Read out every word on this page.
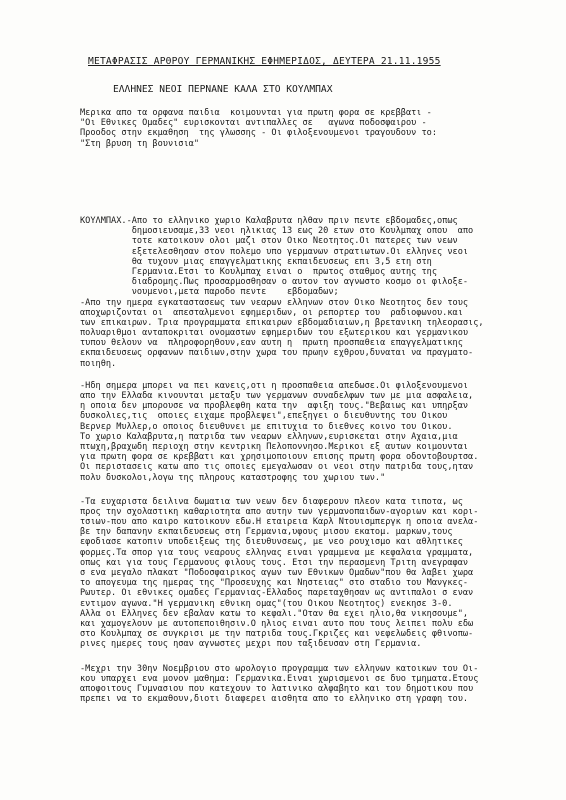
ΜΕΤΑΦΡΑΣΙΣ ΑΡΘΡΟΥ ΓΕΡΜΑΝΙΚΗΣ ΕΦΗΜΕΡΙΔΟΣ, ΔΕΥΤΕΡΑ 21.11.1955
ΕΛΛΗΝΕΣ ΝΕΟΙ ΠΕΡΝΑΝΕ ΚΑΛΑ ΣΤΟ ΚΟΥΛΜΠΑΧ
Μερικα απο τα ορφανα παιδια  κοιμουνται για πρωτη φορα σε κρεββατι -
"Οι Εθνικες Ομαδες" ευρισκονται αντιπαλλες σε   αγωνα ποδοσφαιρου -
Προοδος στην εκμαθηση  της γλωσσης - Οι φιλοξενουμενοι τραγουδουν το:
"Στη βρυση τη βουνισια"
ΚΟΥΛΜΠΑΧ.-Απο το ελληνικο χωριο Καλαβρυτα ηλθαν πριν πεντε εβδομαδες,οπως
δημοσιευσαμε,33 νεοι ηλικιας 13 εως 20 ετων στο Κουλμπαχ οπου  απο
τοτε κατοικουν ολοι μαζι στον Οικο Νεοτητος.Οι πατερες των νεων
εξετελεσθησαν στον πολεμο υπο γερμανων στρατιωτων.Οι ελληνες νεοι
θα τυχουν μιας επαγγελματικης εκπαιδευσεως επι 3,5 ετη στη
Γερμανια.Ετσι το Κουλμπαχ ειναι ο  πρωτος σταθμος αυτης της
διαδρομης.Πως προσαρμοσθησαν ο αυτον τον αγνωστο κοσμο οι φιλοξε-
νουμενοι,μετα παροδο πεντε    εβδομαδων;
-Απο την ημερα εγκαταστασεως των νεαρων ελληνων στον Οικο Νεοτητος δεν τους
αποχωριζονται οι  απεσταλμενοι εφημεριδων, οι ρεπορτερ του  ραδιοφωνου.και
των επικαιρων. Τρια προγραμματα επικαιρων εβδομαδιαιων,η βρετανικη τηλεορασις,
πολυαριθμοι ανταποκριται ονομαστων εφημεριδων του εξωτερικου και γερμανικου
τυπου θελουν να  πληροφορηθουν,εαν αυτη η  πρωτη προσπαθεια επαγγελματικης
εκπαιδευσεως ορφανων παιδιων,στην χωρα του πρωην εχθρου,δυναται να πραγματο-
ποιηθη.
-Ηδη σημερα μπορει να πει κανεις,οτι η προσπαθεια απεδωσε.Οι φιλοξενουμενοι
απο την Ελλαδα κινουνται μεταξυ των γερμανων συναδελφων των με μια ασφαλεια,
η οποια δεν μπορουσε να προβλεφθη κατα την  αφιξη τους."Βεβαιως και υπηρξαν
δυσκολιες,τις  οποιες ειχαμε προβλεψει",επεξηγει ο διευθυντης του Οικου
Βερνερ Μυλλερ,ο οποιος διευθυνει με επιτυχια το διεθνες κοινο του Οικου.
Το χωριο Καλαβρυτα,η πατριδα των νεαρων ελληνων,ευρισκεται στην Αχαια,μια
πτωχη,βραχωδη περιοχη στην κεντρικη Πελοποννησο.Μερικοι εξ αυτων κοιμουνται
για πρωτη φορα σε κρεββατι και χρησιμοποιουν επισης πρωτη φορα οδοντοβουρτσα.
Οι περιστασεις κατω απο τις οποιες εμεγαλωσαν οι νεοι στην πατριδα τους,ηταν
πολυ δυσκολοι,λογω της πληρους καταστροφης του χωριου των."
-Τα ευχαριστα δειλινα δωματια των νεων δεν διαφερουν πλεον κατα τιποτα, ως
προς την σχολαστικη καθαριοτητα απο αυτην των γερμανοπαιδων-αγοριων και κορι-
τσιων-που απο καιρο κατοικουν εδω.Η εταιρεια Καρλ Ντουισμπεργκ η οποια ανελα-
βε την δαπανην εκπαιδευσεως στη Γερμανια,υφους μισου εκατομ. μαρκων,τους
εφοδιασε κατοπιν υποδειξεως της διευθυνσεως, με νεο ρουχισμο και αθλητικες
φορμες.Τα σπορ για τους νεαρους ελληνας ειναι γραμμενα με κεφαλαια γραμματα,
οπως και για τους Γερμανους φιλους τους. Ετσι την περασμενη Τριτη ανεγραφαν
σ ενα μεγαλο πλακατ "Ποδοσφαιρικος αγων των Εθνικων Ομαδων"που θα λαβει χωρα
το απογευμα της ημερας της "Προσευχης και Νηστειας" στο σταδιο του Μανγκες-
Ρωυτερ. Οι εθνικες ομαδες Γερμανιας-Ελλαδος παρεταχθησαν ως αντιπαλοι σ εναν
εντιμον αγωνα."Η γερμανικη εθνικη ομας"(του Οικου Νεοτητος) ενεκησε 3-0.
Αλλα οι Ελληνες δεν εβαλαν κατω το κεφαλι."Οταν θα εχει ηλιο,θα νικησουμε",
και χαμογελουν με αυτοπεποιθησιν.Ο ηλιος ειναι αυτο που τους λειπει πολυ εδω
στο Κουλμπαχ σε συγκρισι με την πατριδα τους.Γκριζες και νεφελωδεις φθινοπω-
ρινες ημερες τους ησαν αγνωστες μεχρι που ταξιδευσαν στη Γερμανια.
-Μεχρι την 30ην Νοεμβριου στο ωρολογιο προγραμμα των ελληνων κατοικων του Οι-
κου υπαρχει ενα μονον μαθημα: Γερμανικα.Ειναι χωρισμενοι σε δυο τμηματα.Ετους
αποφοιτους Γυμνασιου που κατεχουν το λατινικο αλφαβητο και του δημοτικου που
πρεπει να το εκμαθουν,διοτι διαφερει αισθητα απο το ελληνικο στη γραφη του.
